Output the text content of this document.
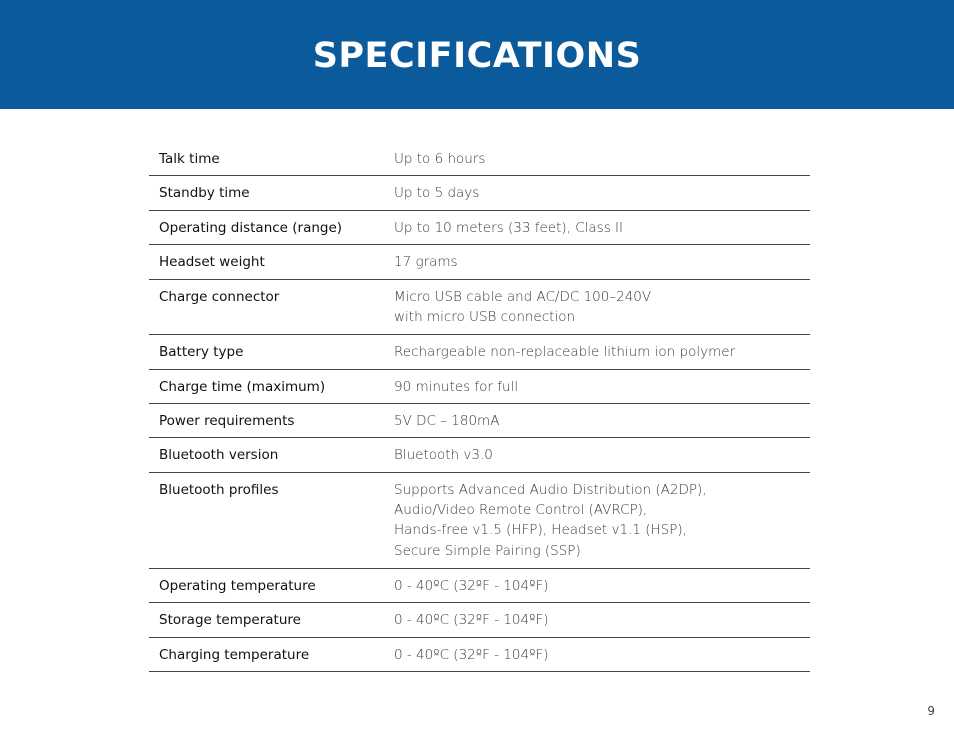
SPECIFICATIONS
Talk time	Up to 6 hours
Standby time	Up to 5 days
Operating distance (range)	Up to 10 meters (33 feet), Class II
Headset weight	17 grams
Charge connector	Micro USB cable and AC/DC 100–240V
with micro USB connection
Battery type	Rechargeable non-replaceable lithium ion polymer
Charge time (maximum)	90 minutes for full
Power requirements	5V DC – 180mA
Bluetooth version	Bluetooth v3.0
Bluetooth profiles	Supports Advanced Audio Distribution (A2DP),
Audio/Video Remote Control (AVRCP),
Hands-free v1.5 (HFP), Headset v1.1 (HSP),
Secure Simple Pairing (SSP)
Operating temperature	0 - 40ºC (32ºF - 104ºF)
Storage temperature	0 - 40ºC (32ºF - 104ºF)
Charging temperature	0 - 40ºC (32ºF - 104ºF)
9
